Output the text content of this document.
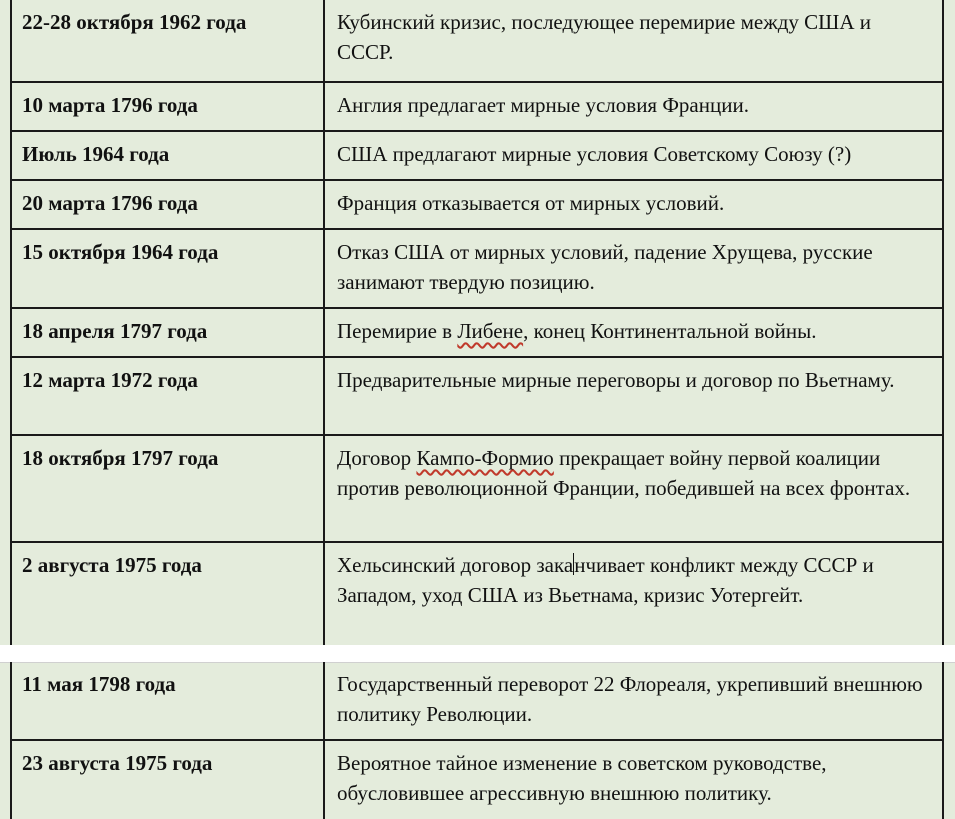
22-28 октября 1962 года	Кубинский кризис, последующее перемирие между США и СССР.
10 марта 1796 года	Англия предлагает мирные условия Франции.
Июль 1964 года	США предлагают мирные условия Советскому Союзу (?)
20 марта 1796 года	Франция отказывается от мирных условий.
15 октября 1964 года	Отказ США от мирных условий, падение Хрущева, русские занимают твердую позицию.
18 апреля 1797 года	Перемирие в Либене, конец Континентальной войны.
12 марта 1972 года	Предварительные мирные переговоры и договор по Вьетнаму.
18 октября 1797 года	Договор Кампо-Формио прекращает войну первой коалиции против революционной Франции, победившей на всех фронтах.
2 августа 1975 года	Хельсинский договор заканчивает конфликт между СССР и Западом, уход США из Вьетнама, кризис Уотергейт.
11 мая 1798 года	Государственный переворот 22 Флореаля, укрепивший внешнюю политику Революции.
23 августа 1975 года	Вероятное тайное изменение в советском руководстве, обусловившее агрессивную внешнюю политику.
